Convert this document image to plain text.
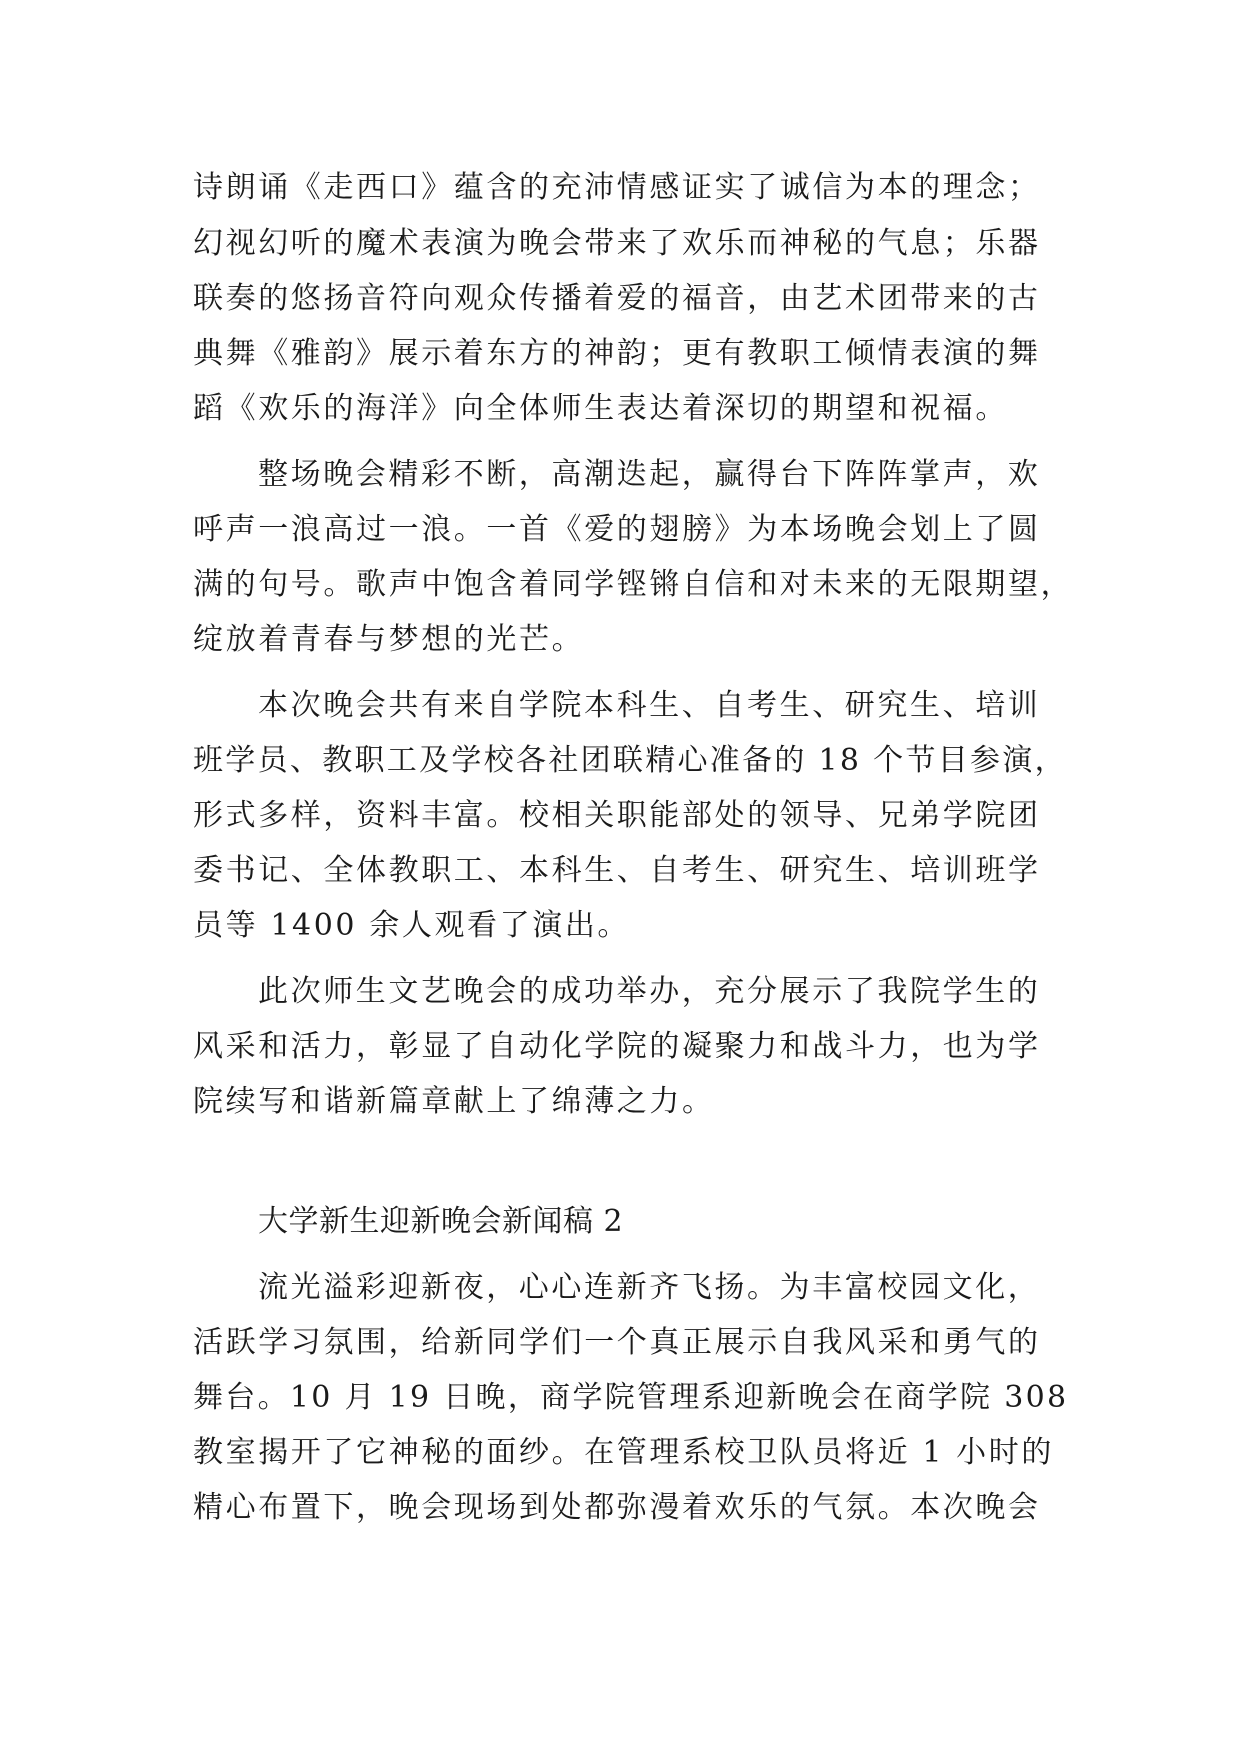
诗朗诵《走西口》蕴含的充沛情感证实了诚信为本的理念；
幻视幻听的魔术表演为晚会带来了欢乐而神秘的气息；乐器
联奏的悠扬音符向观众传播着爱的福音，由艺术团带来的古
典舞《雅韵》展示着东方的神韵；更有教职工倾情表演的舞
蹈《欢乐的海洋》向全体师生表达着深切的期望和祝福。
整场晚会精彩不断，高潮迭起，赢得台下阵阵掌声，欢
呼声一浪高过一浪。一首《爱的翅膀》为本场晚会划上了圆
满的句号。歌声中饱含着同学铿锵自信和对未来的无限期望，
绽放着青春与梦想的光芒。
本次晚会共有来自学院本科生、自考生、研究生、培训
班学员、教职工及学校各社团联精心准备的 18 个节目参演，
形式多样，资料丰富。校相关职能部处的领导、兄弟学院团
委书记、全体教职工、本科生、自考生、研究生、培训班学
员等 1400 余人观看了演出。
此次师生文艺晚会的成功举办，充分展示了我院学生的
风采和活力，彰显了自动化学院的凝聚力和战斗力，也为学
院续写和谐新篇章献上了绵薄之力。
大学新生迎新晚会新闻稿 2
流光溢彩迎新夜，心心连新齐飞扬。为丰富校园文化，
活跃学习氛围，给新同学们一个真正展示自我风采和勇气的
舞台。10 月 19 日晚，商学院管理系迎新晚会在商学院 308
教室揭开了它神秘的面纱。在管理系校卫队员将近 1 小时的
精心布置下，晚会现场到处都弥漫着欢乐的气氛。本次晚会
